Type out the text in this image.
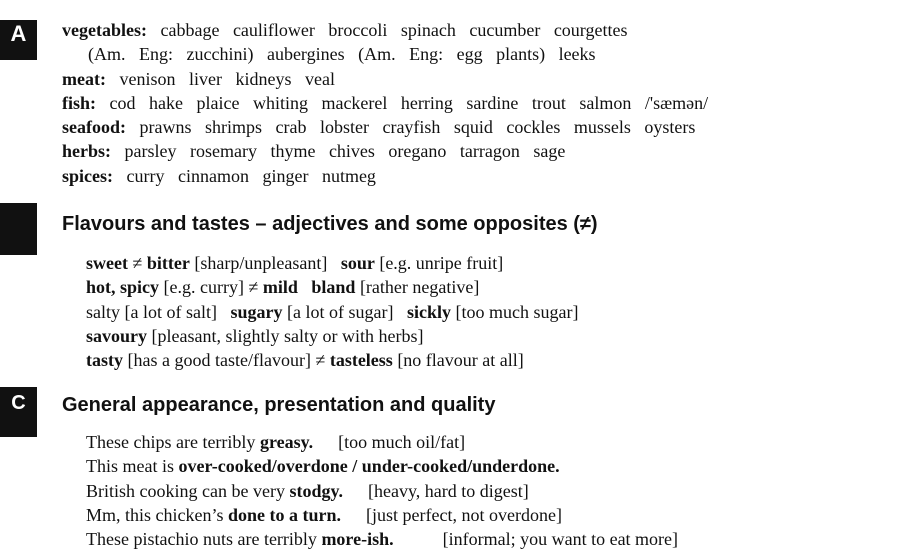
A
C
vegetables: cabbage cauliflower broccoli spinach cucumber courgettes
(Am. Eng: zucchini) aubergines (Am. Eng: egg plants) leeks
meat: venison liver kidneys veal
fish: cod hake plaice whiting mackerel herring sardine trout salmon /'sæmən/
seafood: prawns shrimps crab lobster crayfish squid cockles mussels oysters
herbs: parsley rosemary thyme chives oregano tarragon sage
spices: curry cinnamon ginger nutmeg
Flavours and tastes – adjectives and some opposites (≠)
sweet ≠ bitter [sharp/unpleasant] sour [e.g. unripe fruit]
hot, spicy [e.g. curry] ≠ mild bland [rather negative]
salty [a lot of salt] sugary [a lot of sugar] sickly [too much sugar]
savoury [pleasant, slightly salty or with herbs]
tasty [has a good taste/flavour] ≠ tasteless [no flavour at all]
General appearance, presentation and quality
These chips are terribly greasy. [too much oil/fat]
This meat is over-cooked/overdone / under-cooked/underdone.
British cooking can be very stodgy. [heavy, hard to digest]
Mm, this chicken’s done to a turn. [just perfect, not overdone]
These pistachio nuts are terribly more-ish.	[informal; you want to eat more]
